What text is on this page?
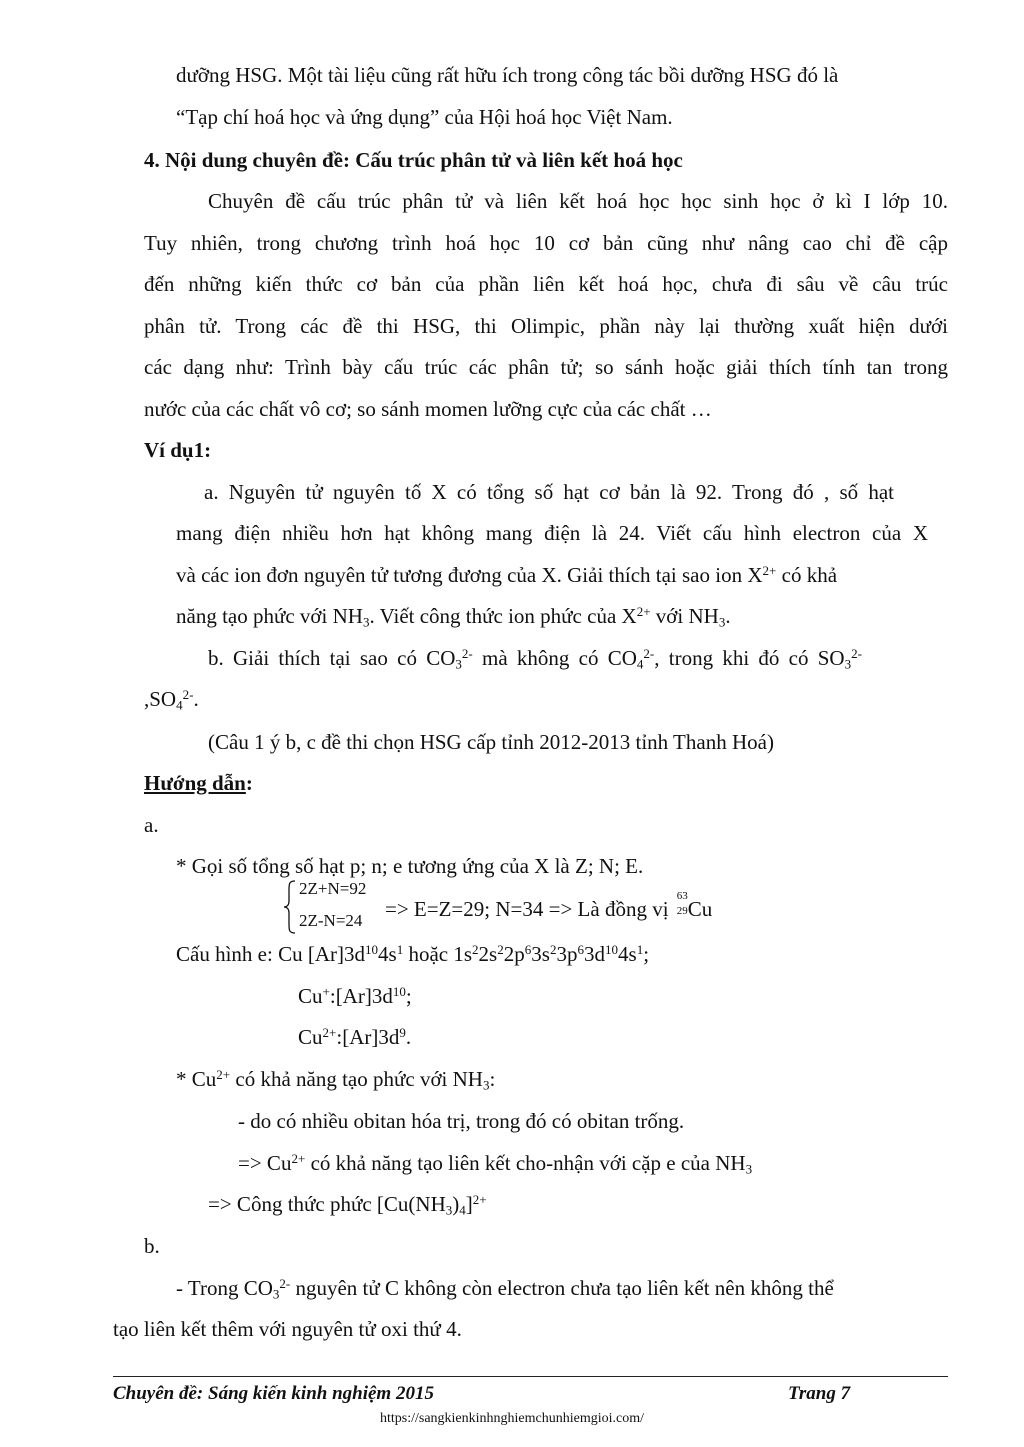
dưỡng HSG. Một tài liệu cũng rất hữu ích trong công tác bồi dưỡng HSG đó là
“Tạp chí hoá học và ứng dụng” của Hội hoá học Việt Nam.
4. Nội dung chuyên đề: Cấu trúc phân tử và liên kết hoá học
Chuyên đề cấu trúc phân tử và liên kết hoá học học sinh học ở kì I lớp 10.
Tuy nhiên, trong chương trình hoá học 10 cơ bản cũng như nâng cao chỉ đề cập
đến những kiến thức cơ bản của phần liên kết hoá học, chưa đi sâu về câu trúc
phân tử. Trong các đề thi HSG, thi Olimpic, phần này lại thường xuất hiện dưới
các dạng như: Trình bày cấu trúc các phân tử; so sánh hoặc giải thích tính tan trong
nước của các chất vô cơ; so sánh momen lưỡng cực của các chất …
Ví dụ1:
a. Nguyên tử nguyên tố X có tổng số hạt cơ bản là 92. Trong đó , số hạt
mang điện nhiều hơn hạt không mang điện là 24. Viết cấu hình electron của X
và các ion đơn nguyên tử tương đương của X. Giải thích tại sao ion $X^{2+}$ có khả
năng tạo phức với $NH_3$. Viết công thức ion phức của $X^{2+}$ với $NH_3$.
b. Giải thích tại sao có $CO_3^{2-}$ mà không có $CO_4^{2-}$, trong khi đó có $SO_3^{2-}$
$,SO_4^{2-}$.
(Câu 1 ý b, c đề thi chọn HSG cấp tỉnh 2012-2013 tỉnh Thanh Hoá)
Hướng dẫn:
a.
* Gọi số tổng số hạt p; n; e tương ứng của X là Z; N; E.
2Z+N=92
2Z-N=24 => E=Z=29; N=34 => Là đồng vị
63
29 Cu
Cấu hình e: Cu $[Ar]3d^{10}4s^1$ hoặc $1s^22s^22p^63s^23p^63d^{10}4s^1$;
$Cu^+:[Ar]3d^{10}$;
$Cu^{2+}:[Ar]3d^9$.
* $Cu^{2+}$ có khả năng tạo phức với $NH_3$:
- do có nhiều obitan hóa trị, trong đó có obitan trống.
=> $Cu^{2+}$ có khả năng tạo liên kết cho-nhận với cặp e của $NH_3$
=> Công thức phức $[Cu(NH_3)_4]^{2+}$
b.
- Trong $CO_3^{2-}$ nguyên tử C không còn electron chưa tạo liên kết nên không thể
tạo liên kết thêm với nguyên tử oxi thứ 4.
Chuyên đề: Sáng kiến kinh nghiệm 2015	Trang 7
https://sangkienkinhnghiemchunhiemgioi.com/
